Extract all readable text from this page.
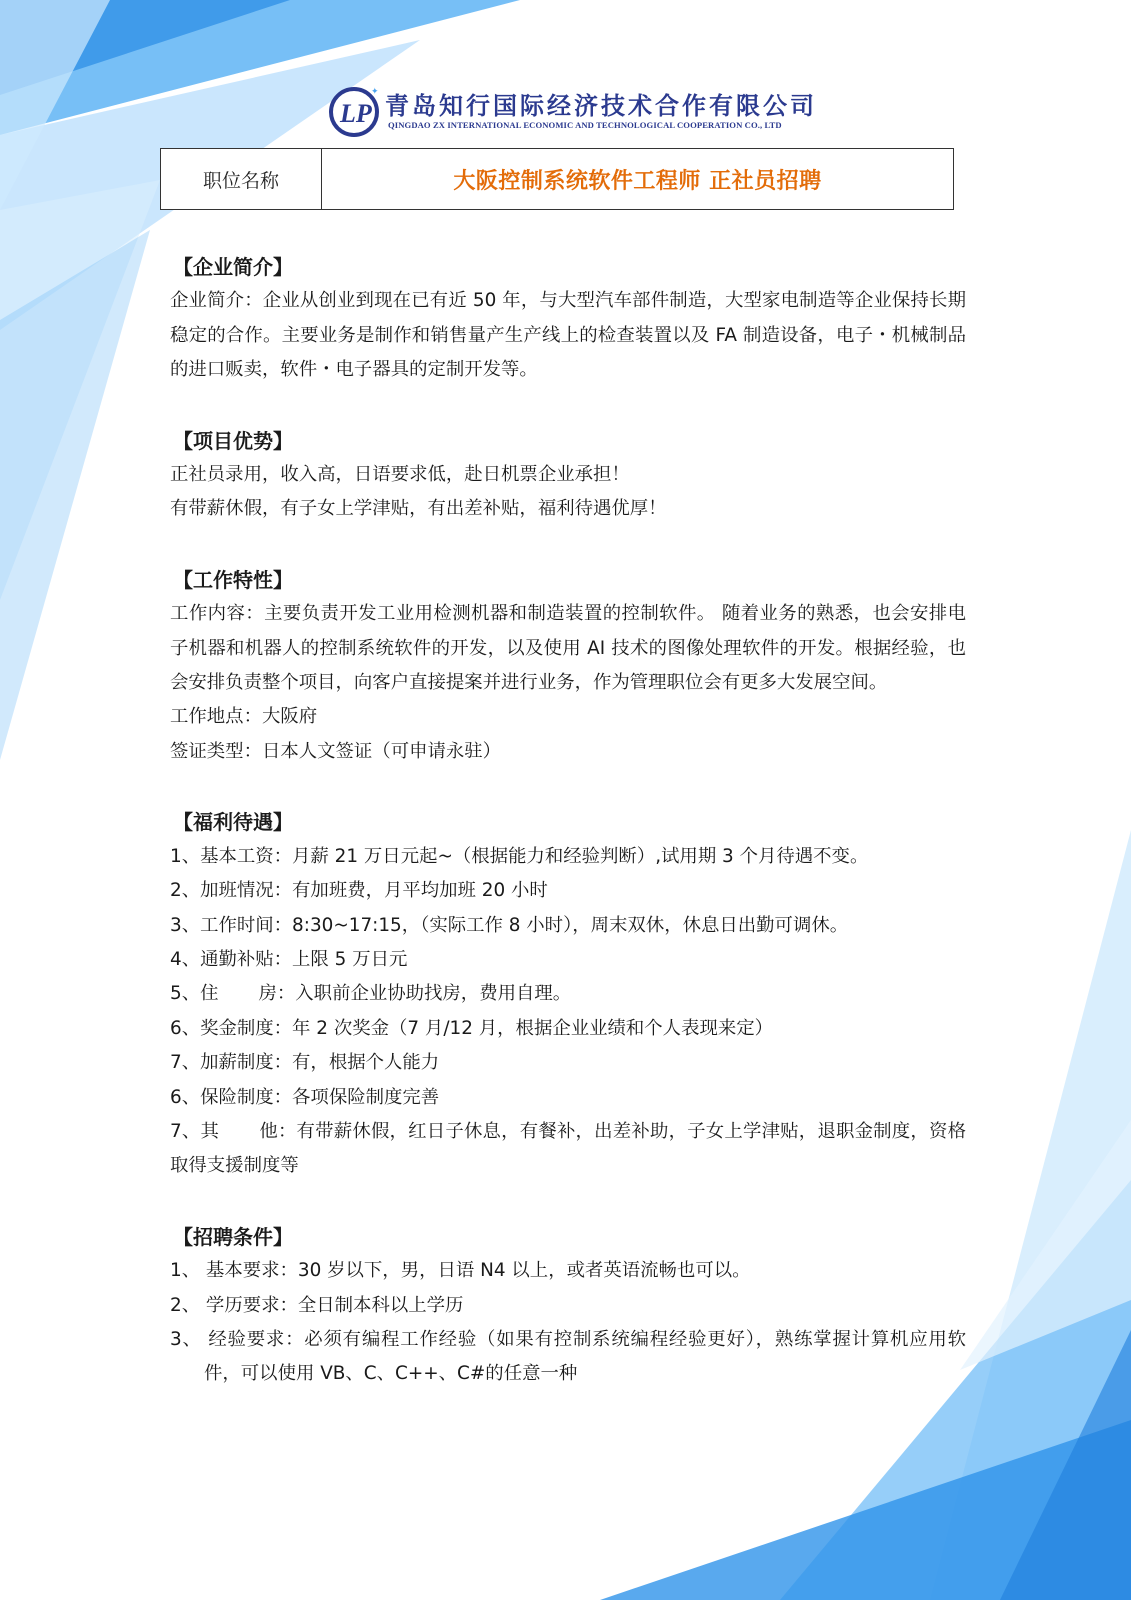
LP
✦ 青岛知行国际经济技术合作有限公司
QINGDAO ZX INTERNATIONAL ECONOMIC AND TECHNOLOGICAL COOPERATION CO., LTD
职位名称	大阪控制系统软件工程师 正社员招聘
【企业简介】
企业简介：企业从创业到现在已有近 50 年，与大型汽车部件制造，大型家电制造等企业保持长期稳定的合作。主要业务是制作和销售量产生产线上的检查装置以及 FA 制造设备，电子・机械制品的进口贩卖，软件・电子器具的定制开发等。
【项目优势】
正社员录用，收入高，日语要求低，赴日机票企业承担！
有带薪休假，有子女上学津贴，有出差补贴，福利待遇优厚！
【工作特性】
工作内容：主要负责开发工业用检测机器和制造装置的控制软件。 随着业务的熟悉，也会安排电子机器和机器人的控制系统软件的开发，以及使用 AI 技术的图像处理软件的开发。根据经验，也会安排负责整个项目，向客户直接提案并进行业务，作为管理职位会有更多大发展空间。
工作地点：大阪府
签证类型：日本人文签证（可申请永驻）
【福利待遇】
1、基本工资：月薪 21 万日元起~（根据能力和经验判断）,试用期 3 个月待遇不变。
2、加班情况：有加班费，月平均加班 20 小时
3、工作时间：8:30~17:15，（实际工作 8 小时），周末双休，休息日出勤可调休。
4、通勤补贴：上限 5 万日元
5、住 房：入职前企业协助找房，费用自理。
6、奖金制度：年 2 次奖金（7 月/12 月，根据企业业绩和个人表现来定）
7、加薪制度：有，根据个人能力
6、保险制度：各项保险制度完善
7、其 他：有带薪休假，红日子休息，有餐补，出差补助，子女上学津贴，退职金制度，资格取得支援制度等
【招聘条件】
1、 基本要求：30 岁以下，男，日语 N4 以上，或者英语流畅也可以。
2、 学历要求：全日制本科以上学历
3、 经验要求：必须有编程工作经验（如果有控制系统编程经验更好），熟练掌握计算机应用软件，可以使用 VB、C、C++、C#的任意一种
